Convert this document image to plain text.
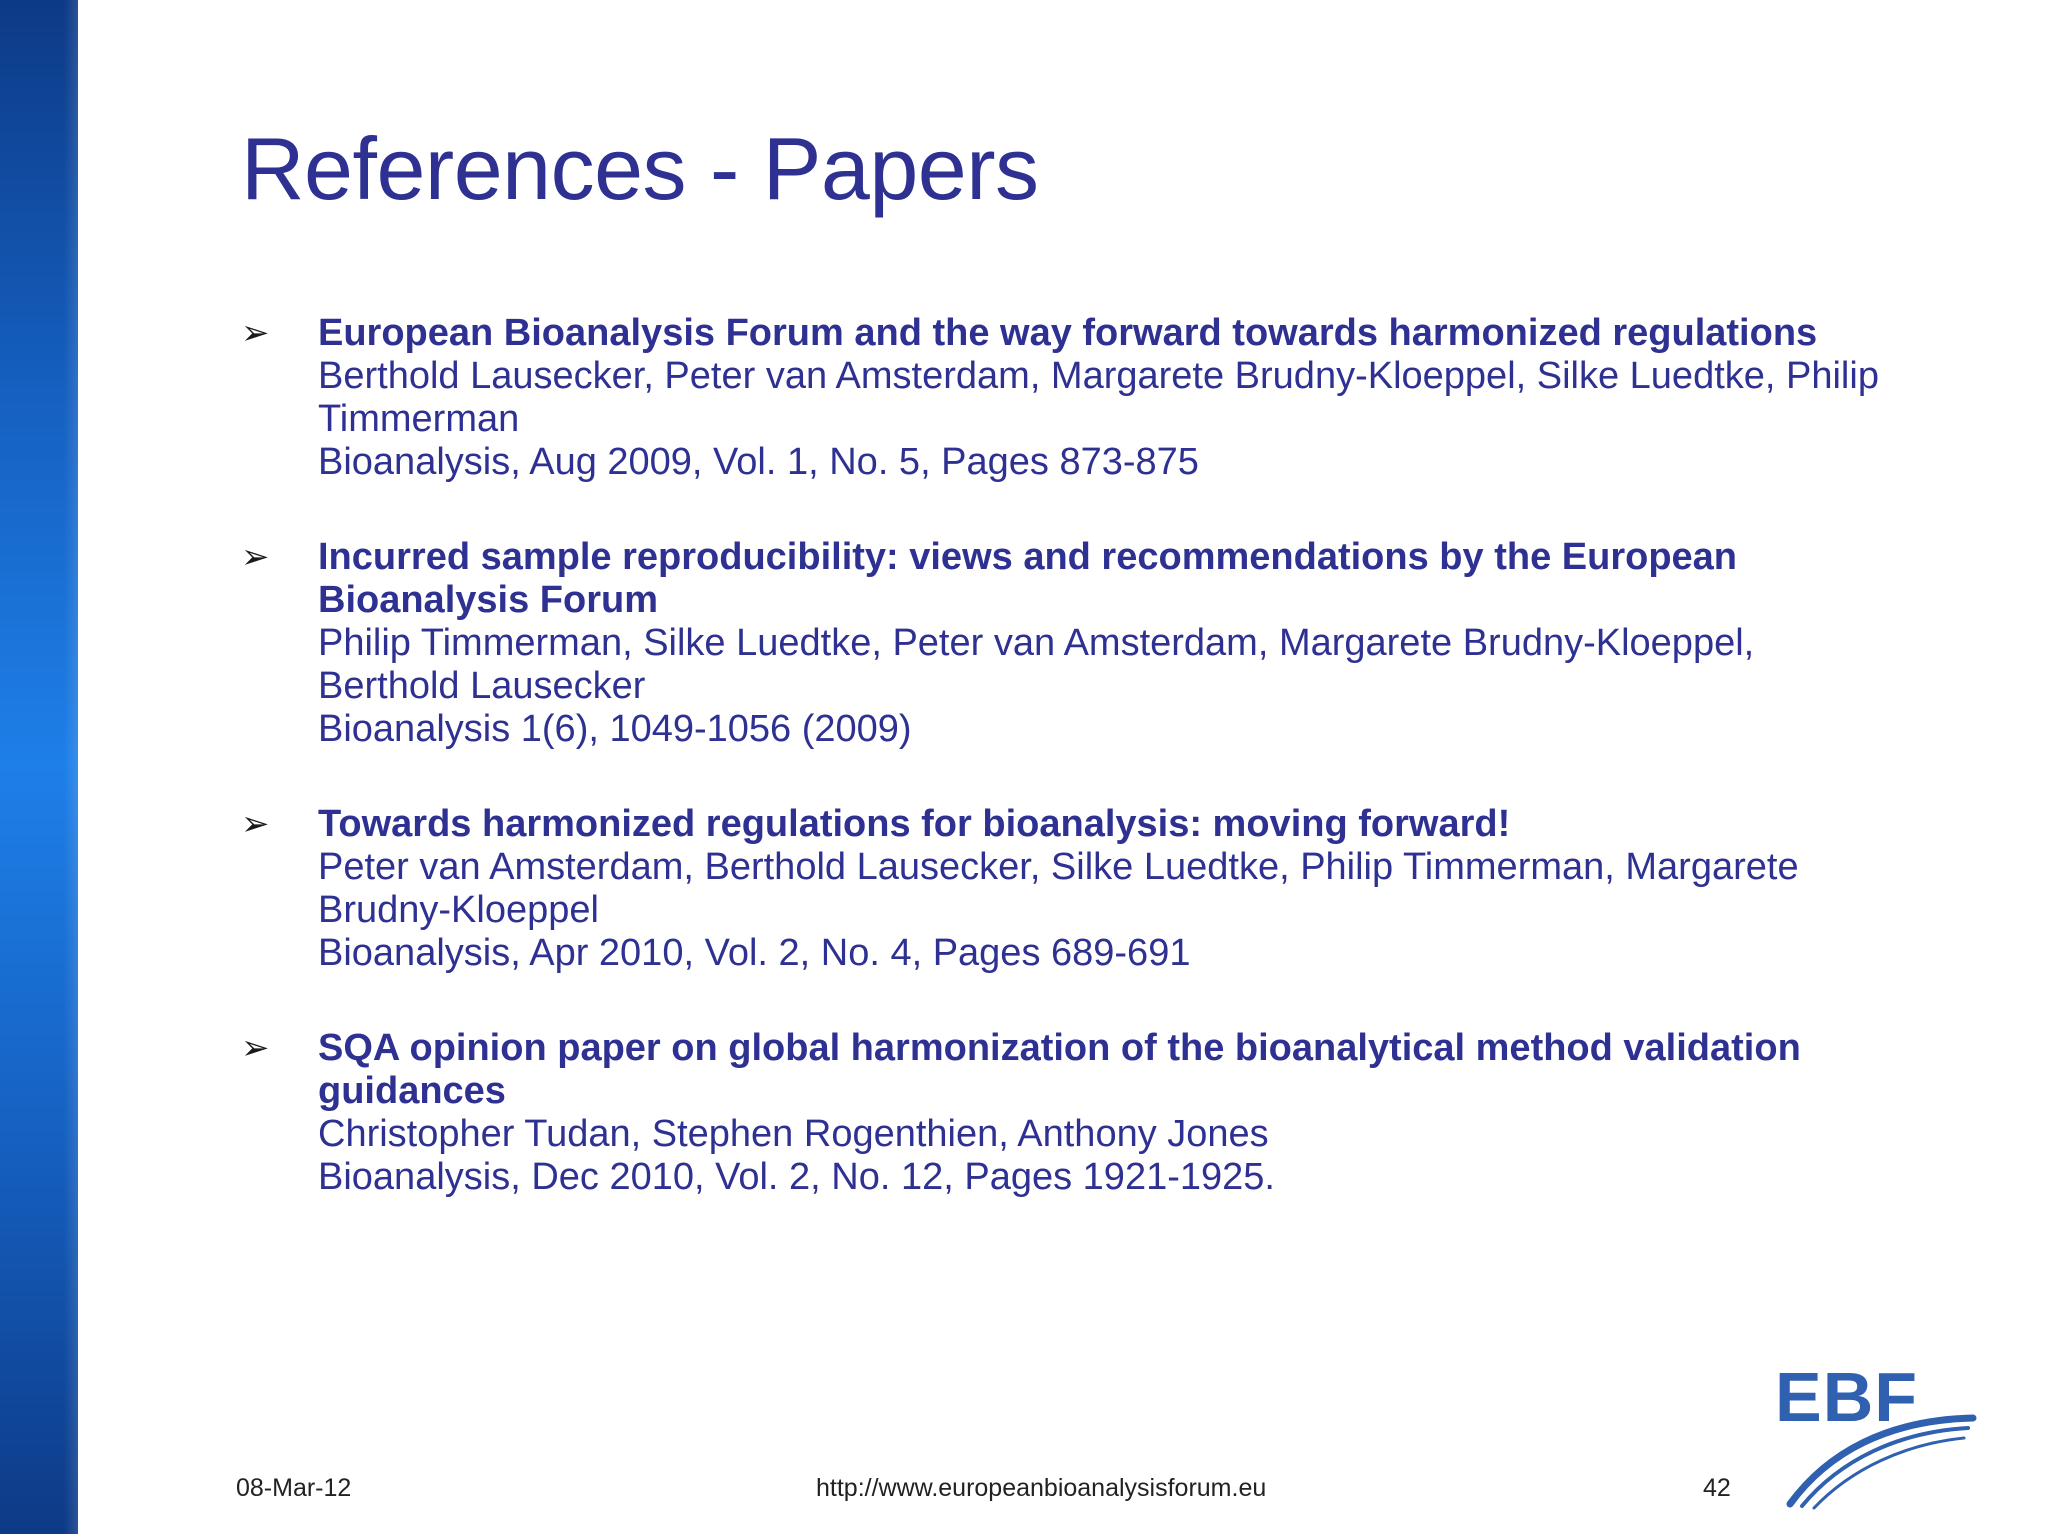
References - Papers
➢ European Bioanalysis Forum and the way forward towards harmonized regulations
Berthold Lausecker, Peter van Amsterdam, Margarete Brudny-Kloeppel, Silke Luedtke, Philip Timmerman
Bioanalysis, Aug 2009, Vol. 1, No. 5, Pages 873-875
➢ Incurred sample reproducibility: views and recommendations by the European Bioanalysis Forum
Philip Timmerman, Silke Luedtke, Peter van Amsterdam, Margarete Brudny-Kloeppel, Berthold Lausecker
Bioanalysis 1(6), 1049-1056 (2009)
➢ Towards harmonized regulations for bioanalysis: moving forward!
Peter van Amsterdam, Berthold Lausecker, Silke Luedtke, Philip Timmerman, Margarete Brudny-Kloeppel
Bioanalysis, Apr 2010, Vol. 2, No. 4, Pages 689-691
➢ SQA opinion paper on global harmonization of the bioanalytical method validation guidances
Christopher Tudan, Stephen Rogenthien, Anthony Jones
Bioanalysis, Dec 2010, Vol. 2, No. 12, Pages 1921-1925.
08-Mar-12	http://www.europeanbioanalysisforum.eu	42
EBF
